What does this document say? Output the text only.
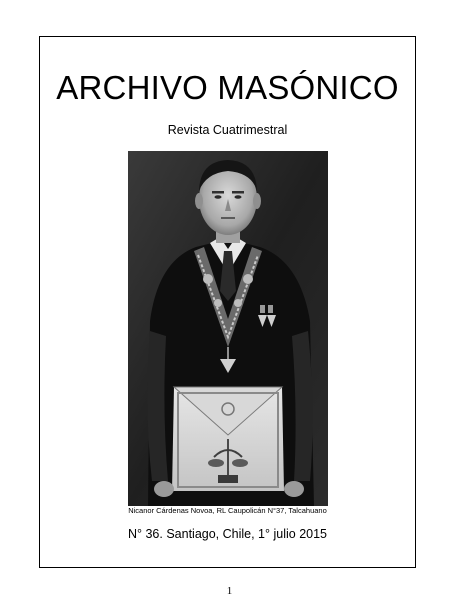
ARCHIVO MASÓNICO
Revista Cuatrimestral
Nicanor Cárdenas Novoa, RL Caupolicán N°37, Talcahuano
N° 36. Santiago, Chile, 1° julio 2015
1
